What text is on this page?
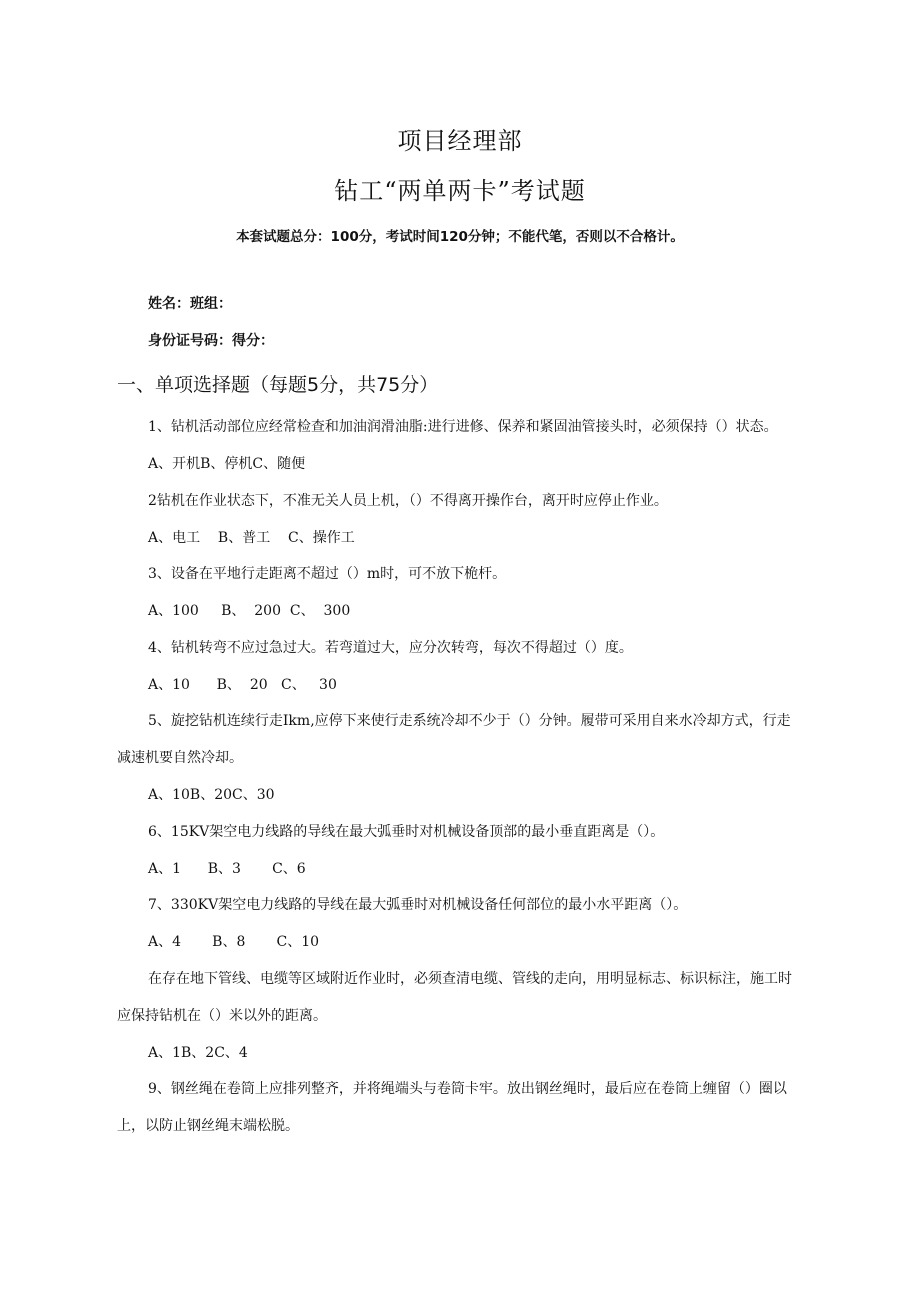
项目经理部
钻工“两单两卡”考试题
本套试题总分：100分，考试时间120分钟；不能代笔，否则以不合格计。
姓名：班组：
身份证号码：得分：
一、单项选择题（每题5分，共75分）

1、钻机活动部位应经常检查和加油润滑油脂:进行进修、保养和紧固油管接头时，必须保持（）状态。

A、开机B、停机C、随便

2钻机在作业状态下，不准无关人员上机，（）不得离开操作台，离开时应停止作业。

A、电工    B、普工    C、操作工

3、设备在平地行走距离不超过（）m时，可不放下桅杆。

A、100     B、  200  C、  300

4、钻机转弯不应过急过大。若弯道过大，应分次转弯，每次不得超过（）度。

A、10      B、  20   C、   30

5、旋挖钻机连续行走Ikm,应停下来使行走系统冷却不少于（）分钟。履带可采用自来水冷却方式，行走减速机要自然冷却。

A、10B、20C、30

6、15KV架空电力线路的导线在最大弧垂时对机械设备顶部的最小垂直距离是（）。

A、1      B、3       C、6

7、330KV架空电力线路的导线在最大弧垂时对机械设备任何部位的最小水平距离（）。

A、4       B、8       C、10

在存在地下管线、电缆等区域附近作业时，必须查清电缆、管线的走向，用明显标志、标识标注，施工时应保持钻机在（）米以外的距离。

A、1B、2C、4

9、钢丝绳在卷筒上应排列整齐，并将绳端头与卷筒卡牢。放出钢丝绳时，最后应在卷筒上缠留（）圈以上，以防止钢丝绳末端松脱。
